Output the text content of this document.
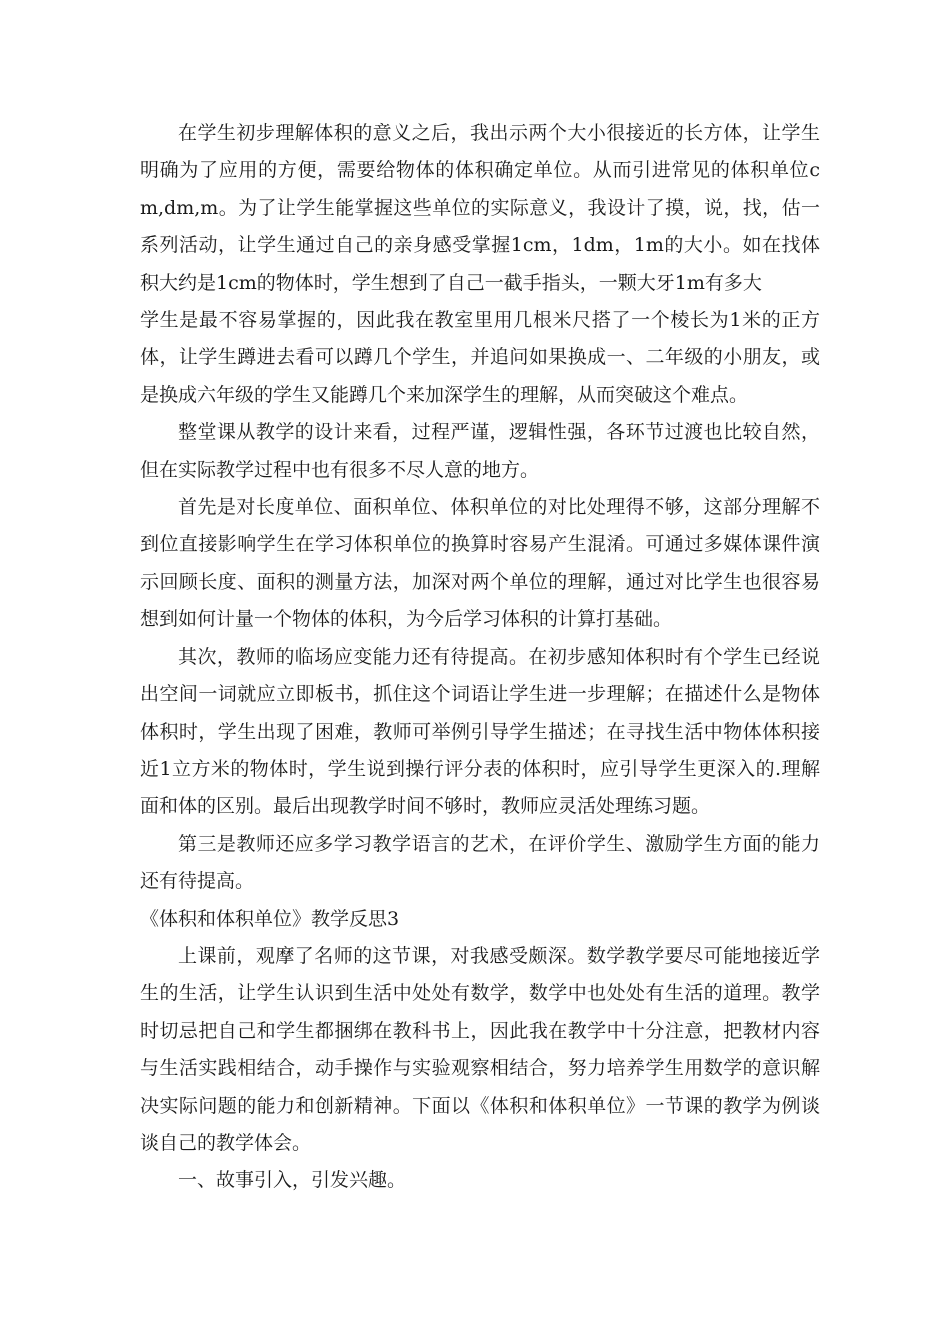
在学生初步理解体积的意义之后，我出示两个大小很接近的长方体，让学生明确为了应用的方便，需要给物体的体积确定单位。从而引进常见的体积单位cm,dm,m。为了让学生能掌握这些单位的实际意义，我设计了摸，说，找，估一系列活动，让学生通过自己的亲身感受掌握1cm，1dm，1m的大小。如在找体积大约是1cm的物体时，学生想到了自己一截手指头，一颗大牙1m有多大

学生是最不容易掌握的，因此我在教室里用几根米尺搭了一个棱长为1米的正方体，让学生蹲进去看可以蹲几个学生，并追问如果换成一、二年级的小朋友，或是换成六年级的学生又能蹲几个来加深学生的理解，从而突破这个难点。

整堂课从教学的设计来看，过程严谨，逻辑性强，各环节过渡也比较自然，但在实际教学过程中也有很多不尽人意的地方。

首先是对长度单位、面积单位、体积单位的对比处理得不够，这部分理解不到位直接影响学生在学习体积单位的换算时容易产生混淆。可通过多媒体课件演示回顾长度、面积的测量方法，加深对两个单位的理解，通过对比学生也很容易想到如何计量一个物体的体积，为今后学习体积的计算打基础。

其次，教师的临场应变能力还有待提高。在初步感知体积时有个学生已经说出空间一词就应立即板书，抓住这个词语让学生进一步理解；在描述什么是物体体积时，学生出现了困难，教师可举例引导学生描述；在寻找生活中物体体积接近1立方米的物体时，学生说到操行评分表的体积时，应引导学生更深入的.理解面和体的区别。最后出现教学时间不够时，教师应灵活处理练习题。

第三是教师还应多学习教学语言的艺术，在评价学生、激励学生方面的能力还有待提高。

《体积和体积单位》教学反思3

上课前，观摩了名师的这节课，对我感受颇深。数学教学要尽可能地接近学生的生活，让学生认识到生活中处处有数学，数学中也处处有生活的道理。教学时切忌把自己和学生都捆绑在教科书上，因此我在教学中十分注意，把教材内容与生活实践相结合，动手操作与实验观察相结合，努力培养学生用数学的意识解决实际问题的能力和创新精神。下面以《体积和体积单位》一节课的教学为例谈谈自己的教学体会。

一、故事引入，引发兴趣。
